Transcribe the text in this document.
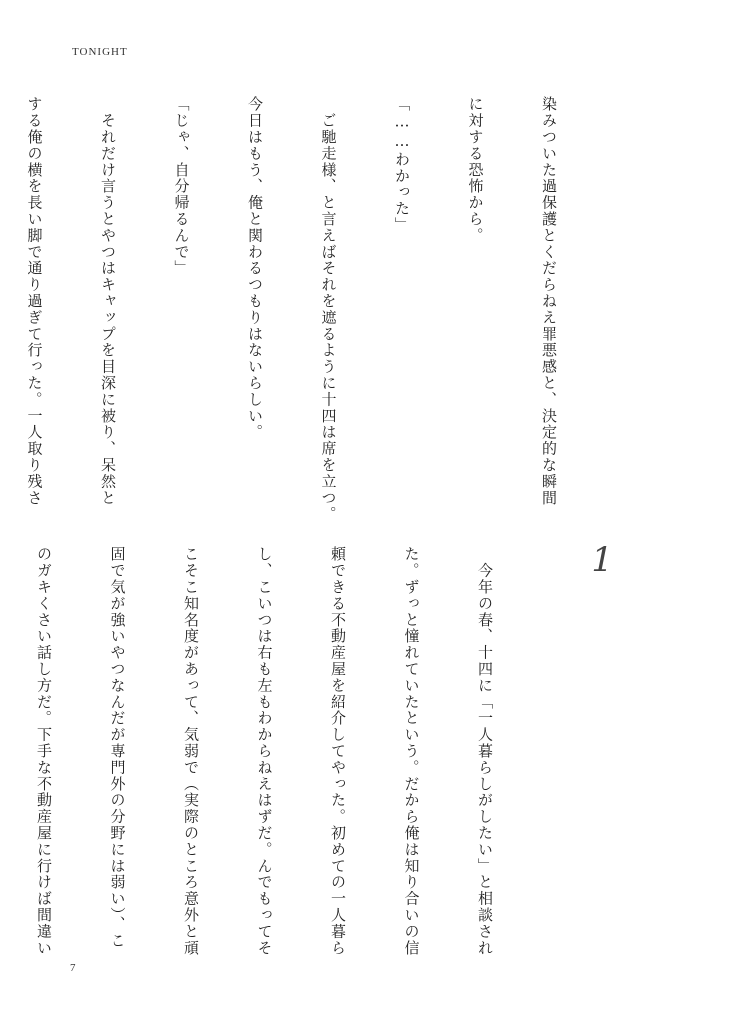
TONIGHT

染みついた過保護とくだらねえ罪悪感と、決定的な瞬間

に対する恐怖から。

「……わかった」

　ご馳走様、と言えばそれを遮るように十四は席を立つ。

今日はもう、俺と関わるつもりはないらしい。

「じゃ、自分帰るんで」

　それだけ言うとやつはキャップを目深に被り、呆然と

する俺の横を長い脚で通り過ぎて行った。一人取り残さ

1

　今年の春、十四に「一人暮らしがしたい」と相談され

た。ずっと憧れていたという。だから俺は知り合いの信

頼できる不動産屋を紹介してやった。初めての一人暮ら

し、こいつは右も左もわからねえはずだ。んでもってそ

こそこ知名度があって、気弱で（実際のところ意外と頑

固で気が強いやつなんだが専門外の分野には弱い）、こ

のガキくさい話し方だ。下手な不動産屋に行けば間違い

7
